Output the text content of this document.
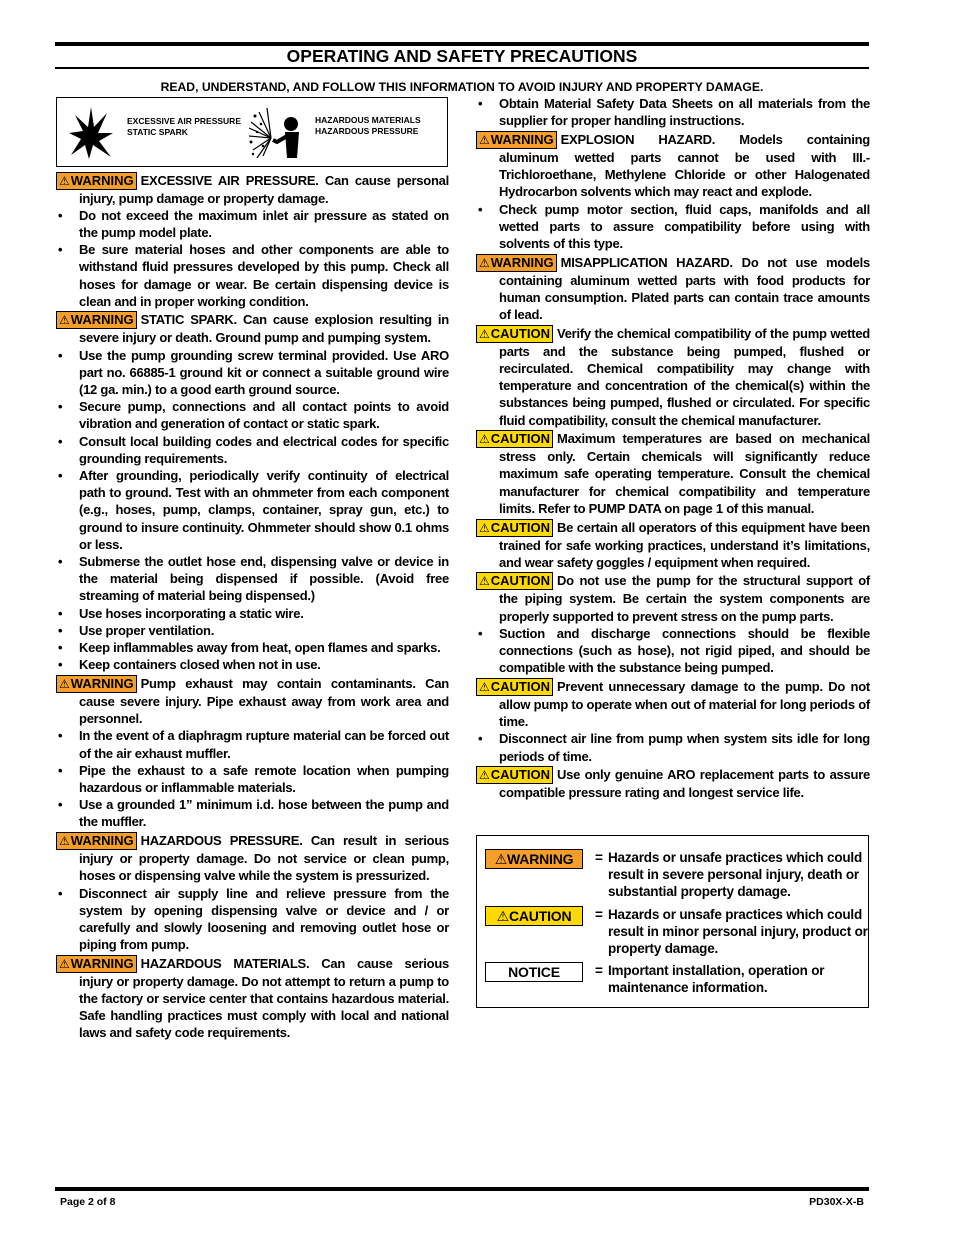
OPERATING AND SAFETY PRECAUTIONS
READ, UNDERSTAND, AND FOLLOW THIS INFORMATION TO AVOID INJURY AND PROPERTY DAMAGE.
EXCESSIVE AIR PRESSURE
STATIC SPARK
HAZARDOUS MATERIALS
HAZARDOUS PRESSURE

⚠WARNING EXCESSIVE AIR PRESSURE. Can cause personal injury, pump damage or property damage.

• Do not exceed the maximum inlet air pressure as stated on the pump model plate.

• Be sure material hoses and other components are able to withstand fluid pressures developed by this pump. Check all hoses for damage or wear. Be certain dispensing device is clean and in proper working condition.

⚠WARNING STATIC SPARK. Can cause explosion resulting in severe injury or death. Ground pump and pumping system.

• Use the pump grounding screw terminal provided. Use ARO part no. 66885-1 ground kit or connect a suitable ground wire (12 ga. min.) to a good earth ground source.

• Secure pump, connections and all contact points to avoid vibration and generation of contact or static spark.

• Consult local building codes and electrical codes for specific grounding requirements.

• After grounding, periodically verify continuity of electrical path to ground. Test with an ohmmeter from each component (e.g., hoses, pump, clamps, container, spray gun, etc.) to ground to insure continuity. Ohmmeter should show 0.1 ohms or less.

• Submerse the outlet hose end, dispensing valve or device in the material being dispensed if possible. (Avoid free streaming of material being dispensed.)

• Use hoses incorporating a static wire.

• Use proper ventilation.

• Keep inflammables away from heat, open flames and sparks.

• Keep containers closed when not in use.

⚠WARNING Pump exhaust may contain contaminants. Can cause severe injury. Pipe exhaust away from work area and personnel.

• In the event of a diaphragm rupture material can be forced out of the air exhaust muffler.

• Pipe the exhaust to a safe remote location when pumping hazardous or inflammable materials.

• Use a grounded 1” minimum i.d. hose between the pump and the muffler.

⚠WARNING HAZARDOUS PRESSURE. Can result in serious injury or property damage. Do not service or clean pump, hoses or dispensing valve while the system is pressurized.

• Disconnect air supply line and relieve pressure from the system by opening dispensing valve or device and / or carefully and slowly loosening and removing outlet hose or piping from pump.

⚠WARNING HAZARDOUS MATERIALS. Can cause serious injury or property damage. Do not attempt to return a pump to the factory or service center that contains hazardous material. Safe handling practices must comply with local and national laws and safety code requirements.

• Obtain Material Safety Data Sheets on all materials from the supplier for proper handling instructions.

⚠WARNING EXPLOSION HAZARD. Models containing aluminum wetted parts cannot be used with III.-Trichloroethane, Methylene Chloride or other Halogenated Hydrocarbon solvents which may react and explode.

• Check pump motor section, fluid caps, manifolds and all wetted parts to assure compatibility before using with solvents of this type.

⚠WARNING MISAPPLICATION HAZARD. Do not use models containing aluminum wetted parts with food products for human consumption. Plated parts can contain trace amounts of lead.

⚠CAUTION Verify the chemical compatibility of the pump wetted parts and the substance being pumped, flushed or recirculated. Chemical compatibility may change with temperature and concentration of the chemical(s) within the substances being pumped, flushed or circulated. For specific fluid compatibility, consult the chemical manufacturer.

⚠CAUTION Maximum temperatures are based on mechanical stress only. Certain chemicals will significantly reduce maximum safe operating temperature. Consult the chemical manufacturer for chemical compatibility and temperature limits. Refer to PUMP DATA on page 1 of this manual.

⚠CAUTION Be certain all operators of this equipment have been trained for safe working practices, understand it’s limitations, and wear safety goggles / equipment when required.

⚠CAUTION Do not use the pump for the structural support of the piping system. Be certain the system components are properly supported to prevent stress on the pump parts.

• Suction and discharge connections should be flexible connections (such as hose), not rigid piped, and should be compatible with the substance being pumped.

⚠CAUTION Prevent unnecessary damage to the pump. Do not allow pump to operate when out of material for long periods of time.

• Disconnect air line from pump when system sits idle for long periods of time.

⚠CAUTION Use only genuine ARO replacement parts to assure compatible pressure rating and longest service life.

⚠WARNING	= Hazards or unsafe practices which could result in severe personal injury, death or substantial property damage.
⚠CAUTION	= Hazards or unsafe practices which could result in minor personal injury, product or property damage.
NOTICE	= Important installation, operation or maintenance information.
Page 2 of 8	PD30X-X-B
